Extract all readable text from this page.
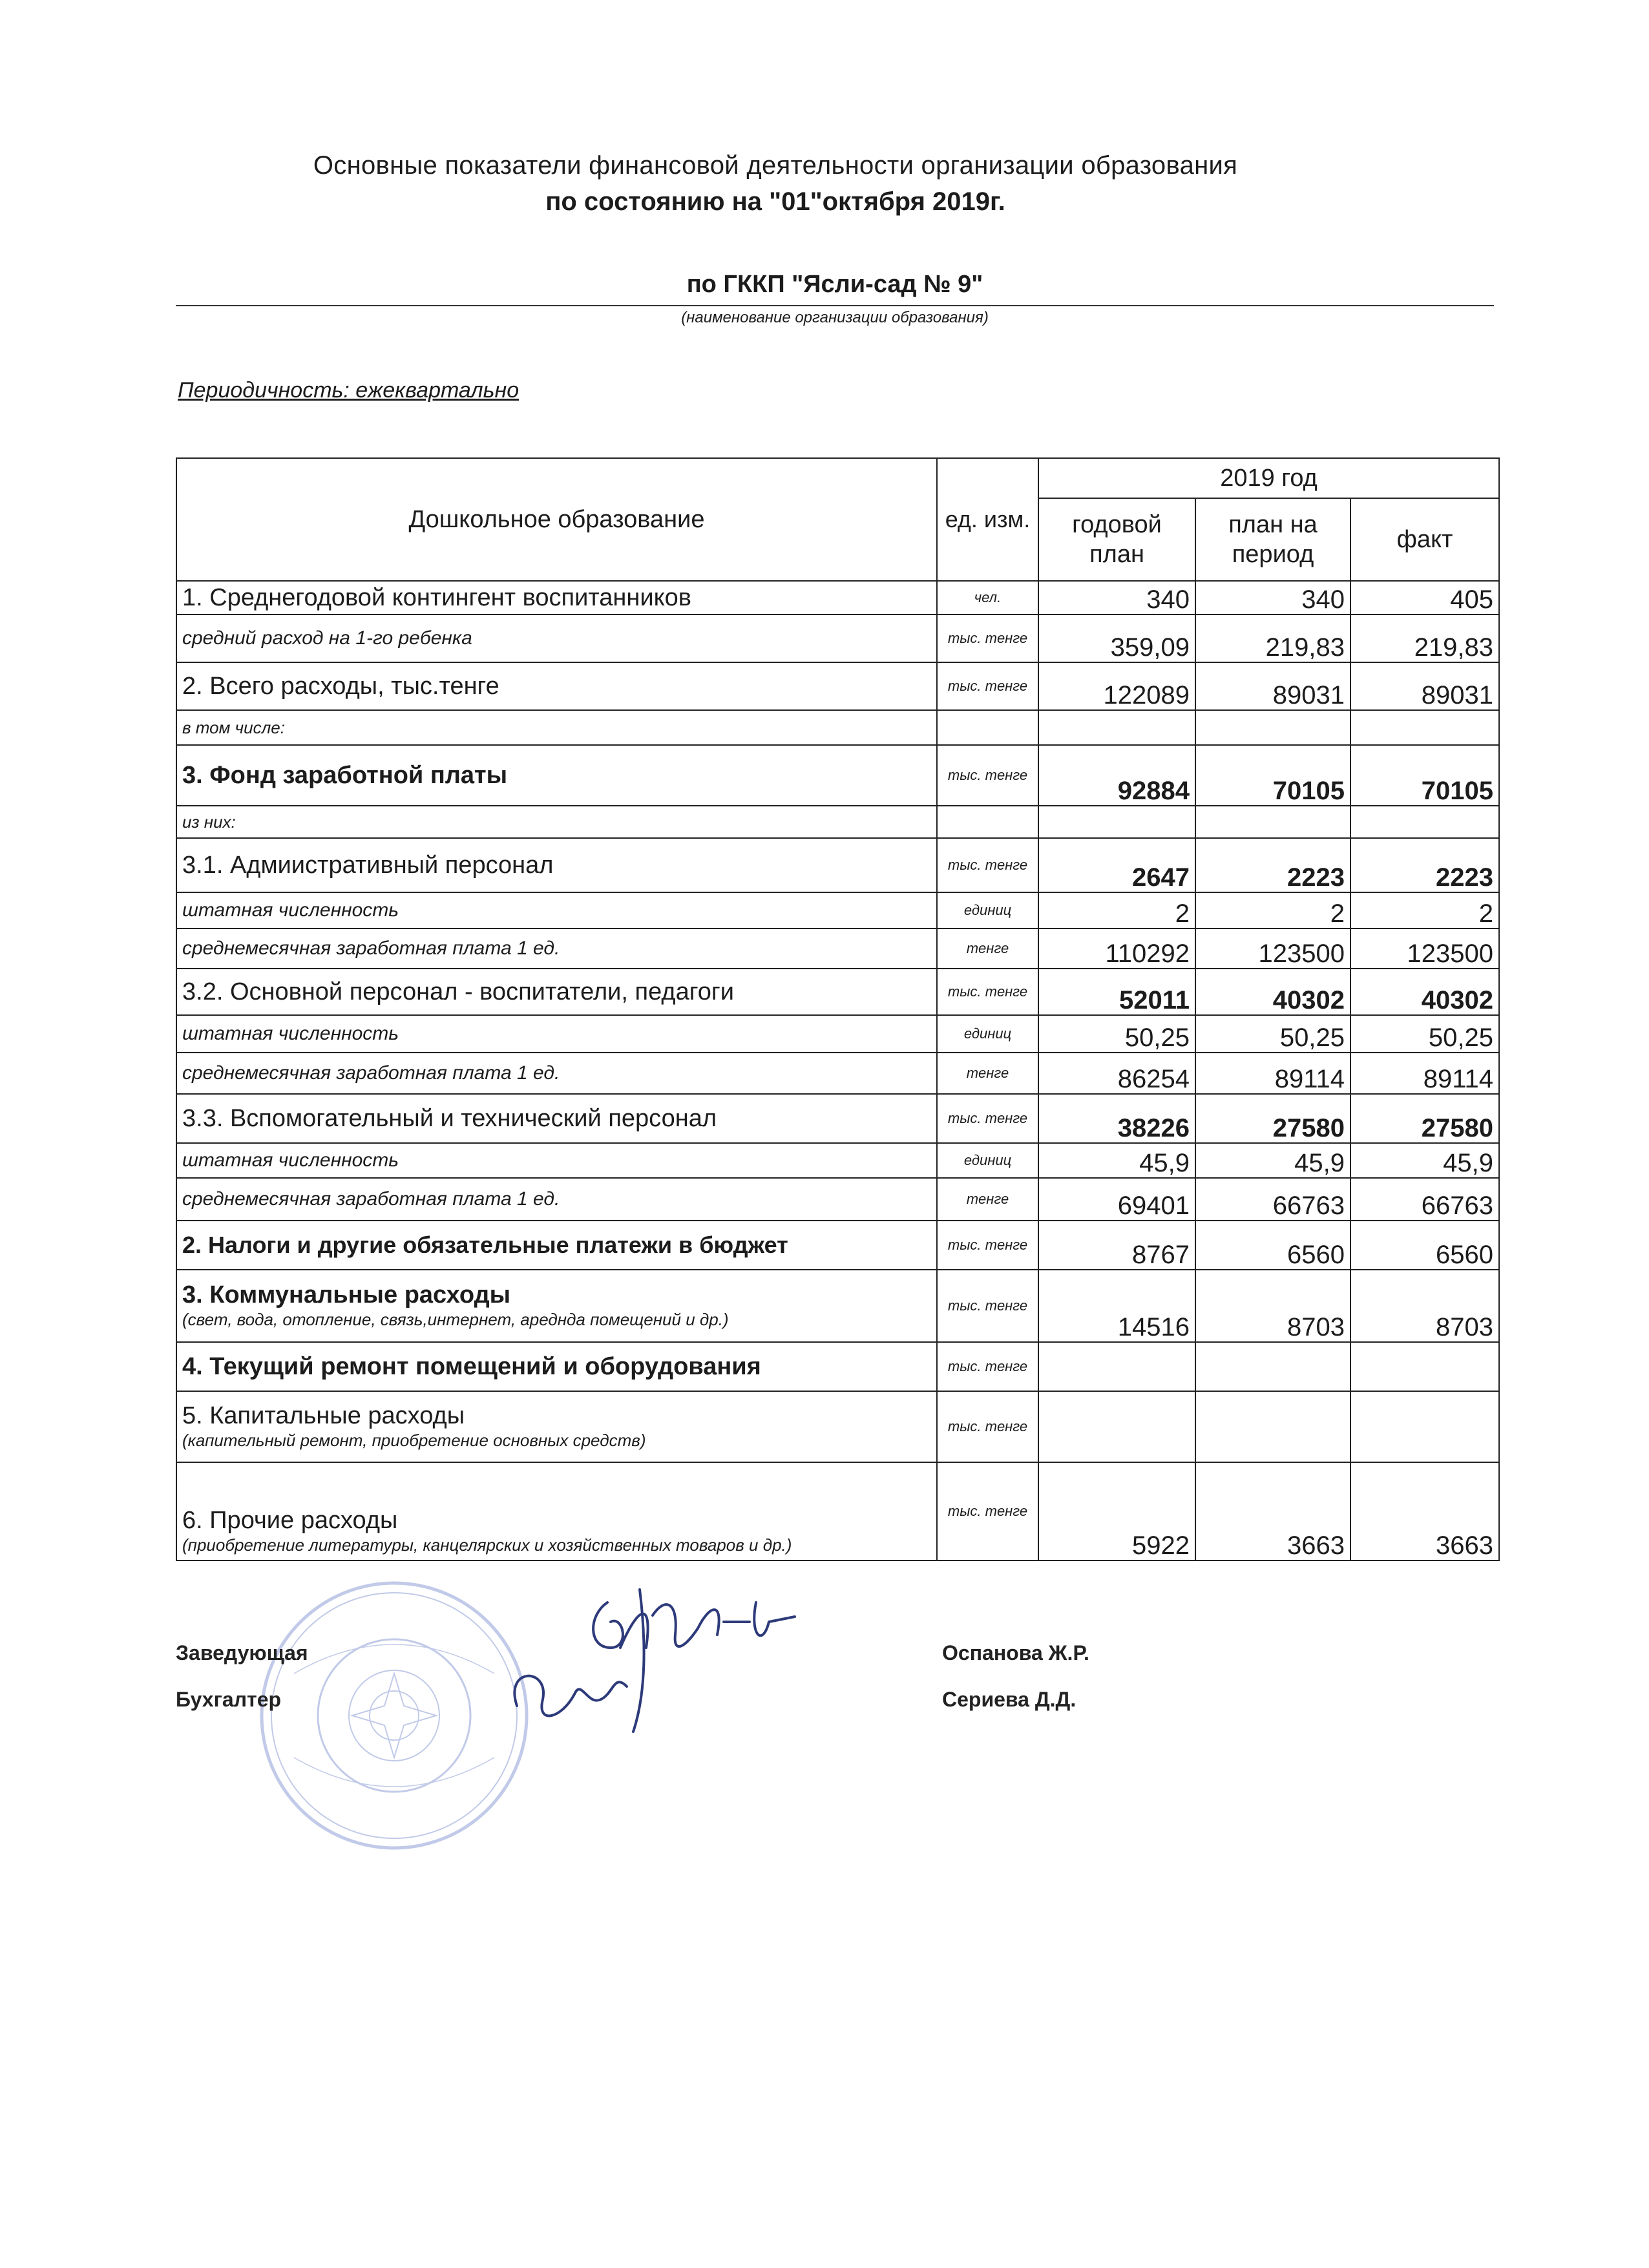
Основные показатели финансовой деятельности организации образования
по состоянию на "01"октября 2019г.
по ГККП "Ясли-сад № 9"
(наименование организации образования)
Периодичность: ежеквартально
Дошкольное образование	ед. изм.	2019 год		
		годовой план	план на период	факт
1. Среднегодовой контингент воспитанников	чел.	340	340	405
средний расход на 1-го ребенка	тыс. тенге	359,09	219,83	219,83
2. Всего расходы, тыс.тенге	тыс. тенге	122089	89031	89031
в том числе:				
3. Фонд заработной платы	тыс. тенге	92884	70105	70105
из них:				
3.1. Адмиистративный персонал	тыс. тенге	2647	2223	2223
штатная численность	единиц	2	2	2
среднемесячная заработная плата 1 ед.	тенге	110292	123500	123500
3.2. Основной персонал - воспитатели, педагоги	тыс. тенге	52011	40302	40302
штатная численность	единиц	50,25	50,25	50,25
среднемесячная заработная плата 1 ед.	тенге	86254	89114	89114
3.3. Вспомогательный и технический персонал	тыс. тенге	38226	27580	27580
штатная численность	единиц	45,9	45,9	45,9
среднемесячная заработная плата 1 ед.	тенге	69401	66763	66763
2. Налоги и другие обязательные платежи в бюджет	тыс. тенге	8767	6560	6560
3. Коммунальные расходы
(свет, вода, отопление, связь,интернет, аредндa помещений и др.)	тыс. тенге	14516	8703	8703
4. Текущий ремонт помещений и оборудования	тыс. тенге			
5. Капитальные расходы
(капительный ремонт, приобретение основных средств)	тыс. тенге			
6. Прочие расходы
(приобретение литературы, канцелярских и хозяйственных товаров и др.)	тыс. тенге	5922	3663	3663
Заведующая	Оспанова Ж.Р.
Бухгалтер	Сериева Д.Д.
